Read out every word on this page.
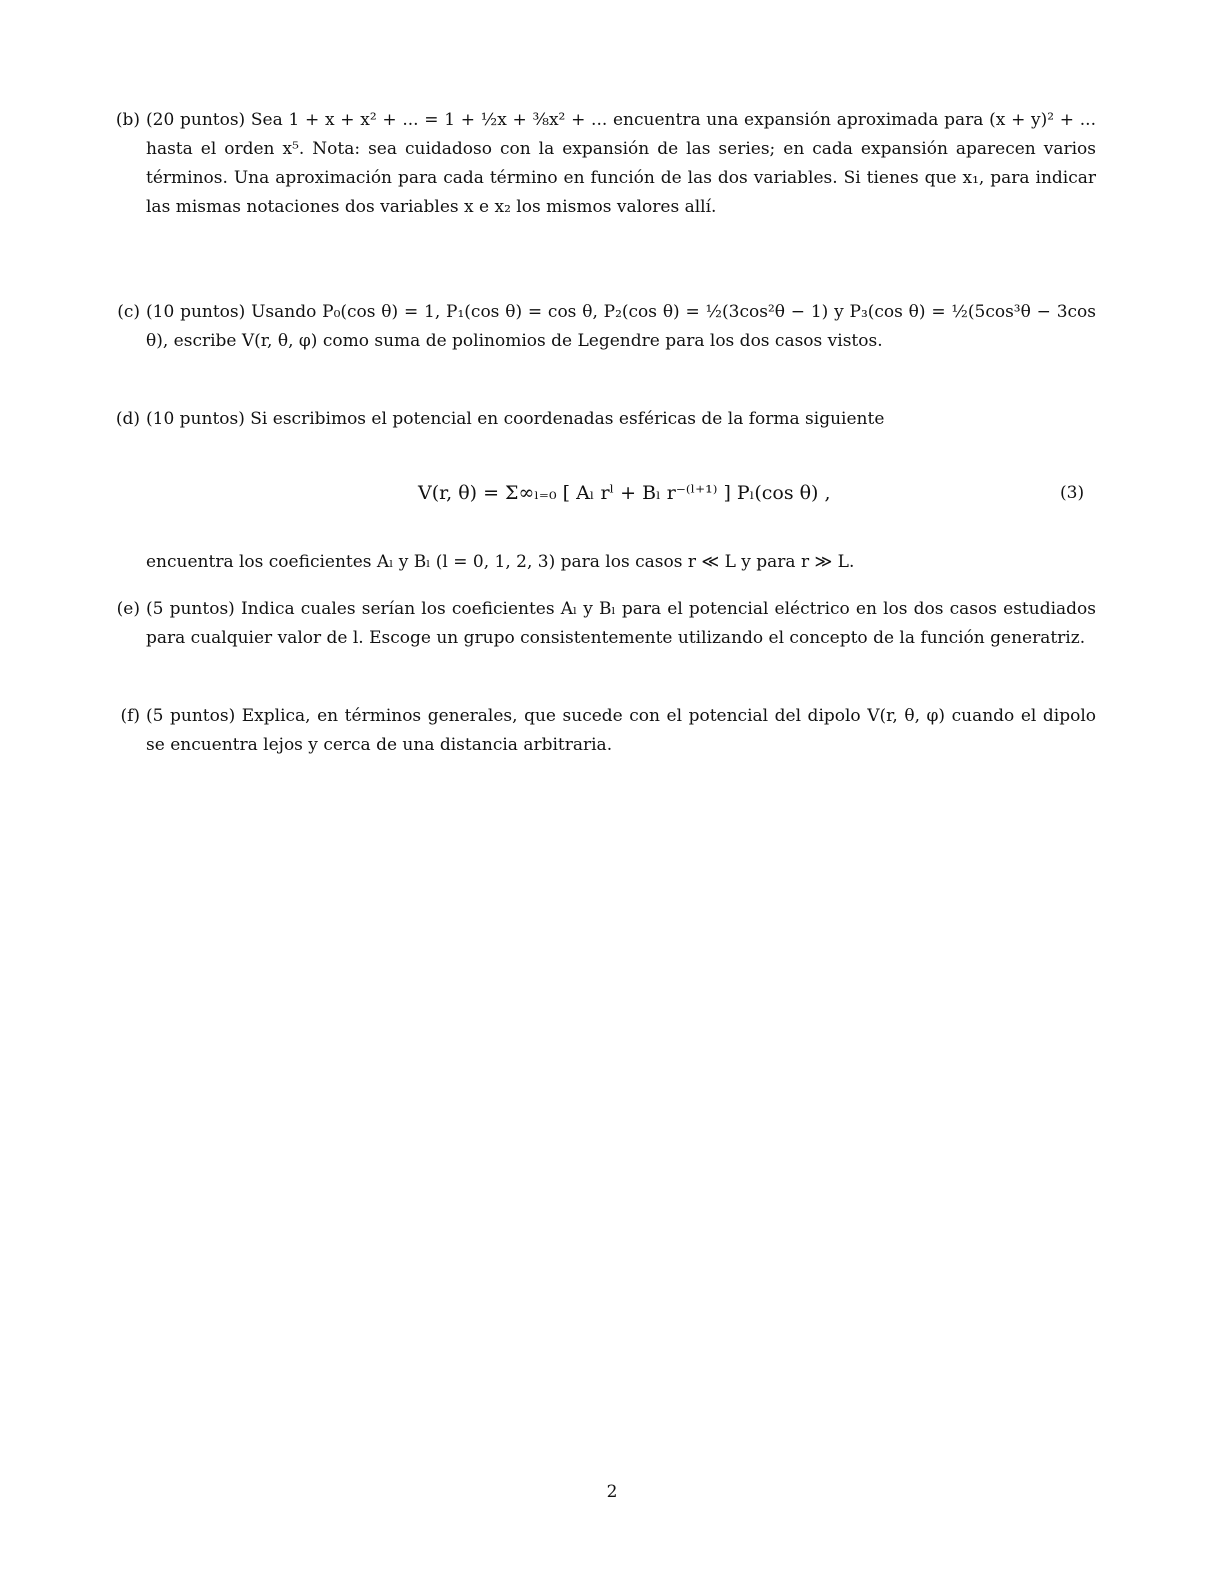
(b) (20 puntos) Sea 1 + x + x² + ... = 1 + ½x + ⅜x² + ... encuentra una expansión aproximada para (x + y)² + ... hasta el orden x⁵. Nota: sea cuidadoso con la expansión de las series; en cada expansión aparecen varios términos. Una aproximación para cada término en función de las dos variables. Si tienes que x₁, para indicar las mismas notaciones dos variables x e x₂ los mismos valores allí.
(c) (10 puntos) Usando P₀(cos θ) = 1, P₁(cos θ) = cos θ, P₂(cos θ) = ½(3cos²θ − 1) y P₃(cos θ) = ½(5cos³θ − 3cos θ), escribe V(r, θ, φ) como suma de polinomios de Legendre para los dos casos vistos.
(d) (10 puntos) Si escribimos el potencial en coordenadas esféricas de la forma siguiente
V(r, θ) = Σ∞ₗ₌₀ [ Aₗ rˡ + Bₗ r⁻⁽ˡ⁺¹⁾ ] Pₗ(cos θ) ,	(3)
encuentra los coeficientes Aₗ y Bₗ (l = 0, 1, 2, 3) para los casos r ≪ L y para r ≫ L.
(e) (5 puntos) Indica cuales serían los coeficientes Aₗ y Bₗ para el potencial eléctrico en los dos casos estudiados para cualquier valor de l. Escoge un grupo consistentemente utilizando el concepto de la función generatriz.
(f) (5 puntos) Explica, en términos generales, que sucede con el potencial del dipolo V(r, θ, φ) cuando el dipolo se encuentra lejos y cerca de una distancia arbitraria.
2
